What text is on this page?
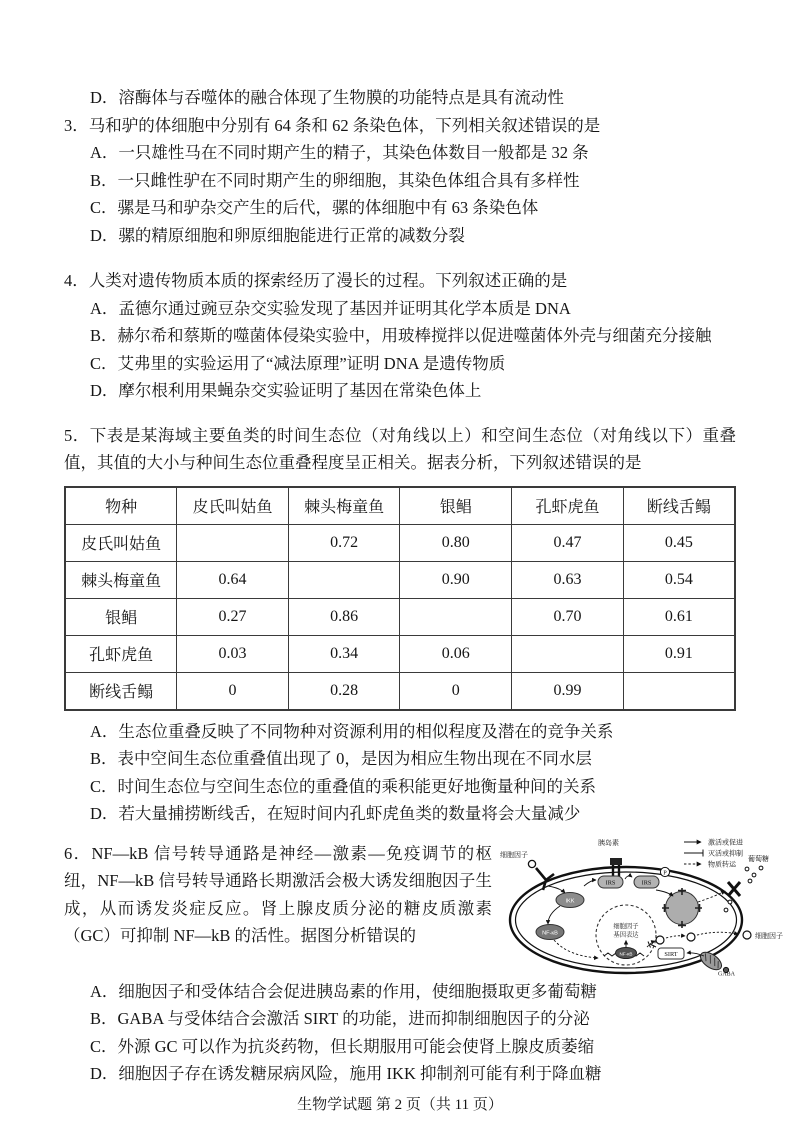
D．溶酶体与吞噬体的融合体现了生物膜的功能特点是具有流动性
3．马和驴的体细胞中分别有 64 条和 62 条染色体，下列相关叙述错误的是
A．一只雄性马在不同时期产生的精子，其染色体数目一般都是 32 条
B．一只雌性驴在不同时期产生的卵细胞，其染色体组合具有多样性
C．骡是马和驴杂交产生的后代，骡的体细胞中有 63 条染色体
D．骡的精原细胞和卵原细胞能进行正常的减数分裂
4．人类对遗传物质本质的探索经历了漫长的过程。下列叙述正确的是
A．孟德尔通过豌豆杂交实验发现了基因并证明其化学本质是 DNA
B．赫尔希和蔡斯的噬菌体侵染实验中，用玻棒搅拌以促进噬菌体外壳与细菌充分接触
C．艾弗里的实验运用了“减法原理”证明 DNA 是遗传物质
D．摩尔根利用果蝇杂交实验证明了基因在常染色体上
5．下表是某海域主要鱼类的时间生态位（对角线以上）和空间生态位（对角线以下）重叠值，其值的大小与种间生态位重叠程度呈正相关。据表分析，下列叙述错误的是
物种	皮氏叫姑鱼	棘头梅童鱼	银鲳	孔虾虎鱼	断线舌鳎
皮氏叫姑鱼		0.72	0.80	0.47	0.45
棘头梅童鱼	0.64		0.90	0.63	0.54
银鲳	0.27	0.86		0.70	0.61
孔虾虎鱼	0.03	0.34	0.06		0.91
断线舌鳎	0	0.28	0	0.99	
A．生态位重叠反映了不同物种对资源利用的相似程度及潜在的竞争关系
B．表中空间生态位重叠值出现了 0，是因为相应生物出现在不同水层
C．时间生态位与空间生态位的重叠值的乘积能更好地衡量种间的关系
D．若大量捕捞断线舌，在短时间内孔虾虎鱼类的数量将会大量减少
激活或促进
灭活或抑制
物质转运
细胞因子
胰岛素
IRS	IRS
P
IKK
NF-κB
细胞因子
基因表达
NF-κB
葡萄糖
细胞因子
SIRT
GABA
6．NF—kB 信号转导通路是神经—激素—免疫调节的枢纽，NF—kB 信号转导通路长期激活会极大诱发细胞因子生成，从而诱发炎症反应。肾上腺皮质分泌的糖皮质激素（GC）可抑制 NF—kB 的活性。据图分析错误的
A．细胞因子和受体结合会促进胰岛素的作用，使细胞摄取更多葡萄糖
B．GABA 与受体结合会激活 SIRT 的功能，进而抑制细胞因子的分泌
C．外源 GC 可以作为抗炎药物，但长期服用可能会使肾上腺皮质萎缩
D．细胞因子存在诱发糖尿病风险，施用 IKK 抑制剂可能有利于降血糖
生物学试题 第 2 页（共 11 页）
